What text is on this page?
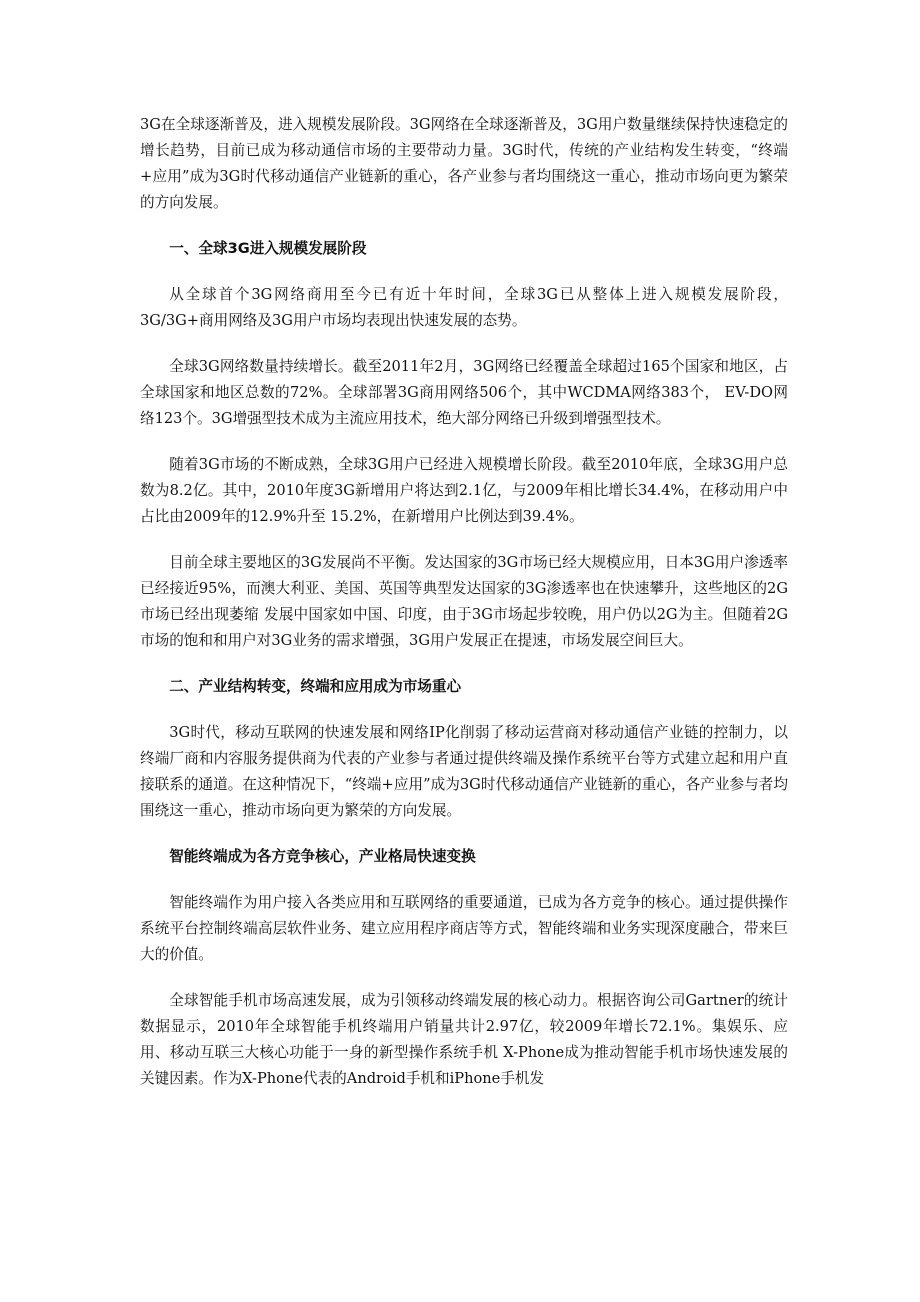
3G在全球逐渐普及，进入规模发展阶段。3G网络在全球逐渐普及，3G用户数量继续保持快速稳定的增长趋势，目前已成为移动通信市场的主要带动力量。3G时代，传统的产业结构发生转变，“终端+应用”成为3G时代移动通信产业链新的重心，各产业参与者均围绕这一重心，推动市场向更为繁荣的方向发展。

一、全球3G进入规模发展阶段

从全球首个3G网络商用至今已有近十年时间，全球3G已从整体上进入规模发展阶段，3G/3G+商用网络及3G用户市场均表现出快速发展的态势。

全球3G网络数量持续增长。截至2011年2月，3G网络已经覆盖全球超过165个国家和地区，占全球国家和地区总数的72%。全球部署3G商用网络506个，其中WCDMA网络383个， EV-DO网络123个。3G增强型技术成为主流应用技术，绝大部分网络已升级到增强型技术。

随着3G市场的不断成熟，全球3G用户已经进入规模增长阶段。截至2010年底，全球3G用户总数为8.2亿。其中，2010年度3G新增用户将达到2.1亿，与2009年相比增长34.4%，在移动用户中占比由2009年的12.9%升至 15.2%，在新增用户比例达到39.4%。

目前全球主要地区的3G发展尚不平衡。发达国家的3G市场已经大规模应用，日本3G用户渗透率已经接近95%，而澳大利亚、美国、英国等典型发达国家的3G渗透率也在快速攀升，这些地区的2G市场已经出现萎缩 发展中国家如中国、印度，由于3G市场起步较晚，用户仍以2G为主。但随着2G市场的饱和和用户对3G业务的需求增强，3G用户发展正在提速，市场发展空间巨大。

二、产业结构转变，终端和应用成为市场重心

3G时代，移动互联网的快速发展和网络IP化削弱了移动运营商对移动通信产业链的控制力，以终端厂商和内容服务提供商为代表的产业参与者通过提供终端及操作系统平台等方式建立起和用户直接联系的通道。在这种情况下，“终端+应用”成为3G时代移动通信产业链新的重心，各产业参与者均围绕这一重心，推动市场向更为繁荣的方向发展。

智能终端成为各方竞争核心，产业格局快速变换

智能终端作为用户接入各类应用和互联网络的重要通道，已成为各方竞争的核心。通过提供操作系统平台控制终端高层软件业务、建立应用程序商店等方式，智能终端和业务实现深度融合，带来巨大的价值。

全球智能手机市场高速发展，成为引领移动终端发展的核心动力。根据咨询公司Gartner的统计数据显示，2010年全球智能手机终端用户销量共计2.97亿，较2009年增长72.1%。集娱乐、应用、移动互联三大核心功能于一身的新型操作系统手机 X-Phone成为推动智能手机市场快速发展的关键因素。作为X-Phone代表的Android手机和iPhone手机发
